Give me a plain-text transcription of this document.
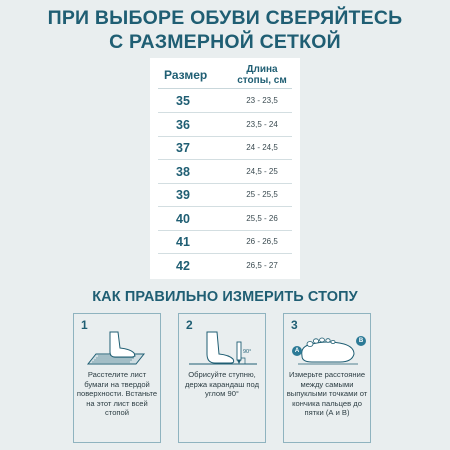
ПРИ ВЫБОРЕ ОБУВИ СВЕРЯЙТЕСЬ
С РАЗМЕРНОЙ СЕТКОЙ
Размер	Длина стопы, см
35	23 - 23,5
36	23,5 - 24
37	24 - 24,5
38	24,5 - 25
39	25 - 25,5
40	25,5 - 26
41	26 - 26,5
42	26,5 - 27
КАК ПРАВИЛЬНО ИЗМЕРИТЬ СТОПУ
1
Расстелите лист бумаги на твердой поверхности. Встаньте на этот лист всей стопой
2
90°
Обрисуйте ступню, держа карандаш под углом 90°
3
A
B
Измерьте расстояние между самыми выпуклыми точками от кончика пальцев до пятки (А и В)
